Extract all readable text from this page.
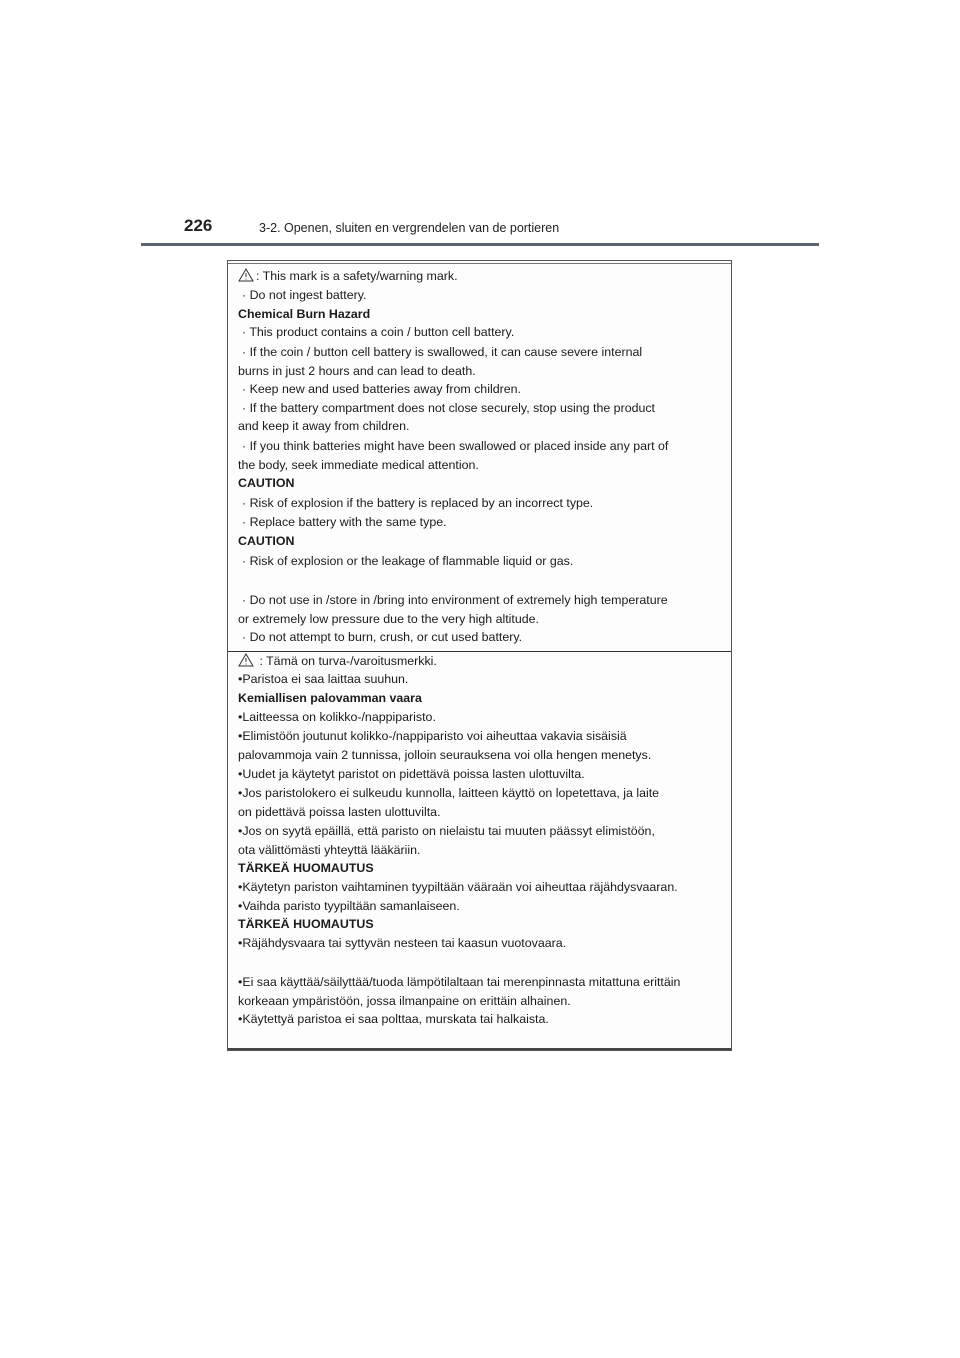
226	3-2. Openen, sluiten en vergrendelen van de portieren
: This mark is a safety/warning mark.
· Do not ingest battery.
Chemical Burn Hazard
· This product contains a coin / button cell battery.
· If the coin / button cell battery is swallowed, it can cause severe internal
burns in just 2 hours and can lead to death.
· Keep new and used batteries away from children.
· If the battery compartment does not close securely, stop using the product
and keep it away from children.
· If you think batteries might have been swallowed or placed inside any part of
the body, seek immediate medical attention.
CAUTION
· Risk of explosion if the battery is replaced by an incorrect type.
· Replace battery with the same type.
CAUTION
· Risk of explosion or the leakage of flammable liquid or gas.
· Do not use in /store in /bring into environment of extremely high temperature
or extremely low pressure due to the very high altitude.
· Do not attempt to burn, crush, or cut used battery.
: Tämä on turva-/varoitusmerkki.
•Paristoa ei saa laittaa suuhun.
Kemiallisen palovamman vaara
•Laitteessa on kolikko-/nappiparisto.
•Elimistöön joutunut kolikko-/nappiparisto voi aiheuttaa vakavia sisäisiä
palovammoja vain 2 tunnissa, jolloin seurauksena voi olla hengen menetys.
•Uudet ja käytetyt paristot on pidettävä poissa lasten ulottuvilta.
•Jos paristolokero ei sulkeudu kunnolla, laitteen käyttö on lopetettava, ja laite
on pidettävä poissa lasten ulottuvilta.
•Jos on syytä epäillä, että paristo on nielaistu tai muuten päässyt elimistöön,
ota välittömästi yhteyttä lääkäriin.
TÄRKEÄ HUOMAUTUS
•Käytetyn pariston vaihtaminen tyypiltään vääraän voi aiheuttaa räjähdysvaaran.
•Vaihda paristo tyypiltään samanlaiseen.
TÄRKEÄ HUOMAUTUS
•Räjähdysvaara tai syttyvän nesteen tai kaasun vuotovaara.
•Ei saa käyttää/säilyttää/tuoda lämpötilaltaan tai merenpinnasta mitattuna erittäin
korkeaan ympäristöön, jossa ilmanpaine on erittäin alhainen.
•Käytettyä paristoa ei saa polttaa, murskata tai halkaista.
